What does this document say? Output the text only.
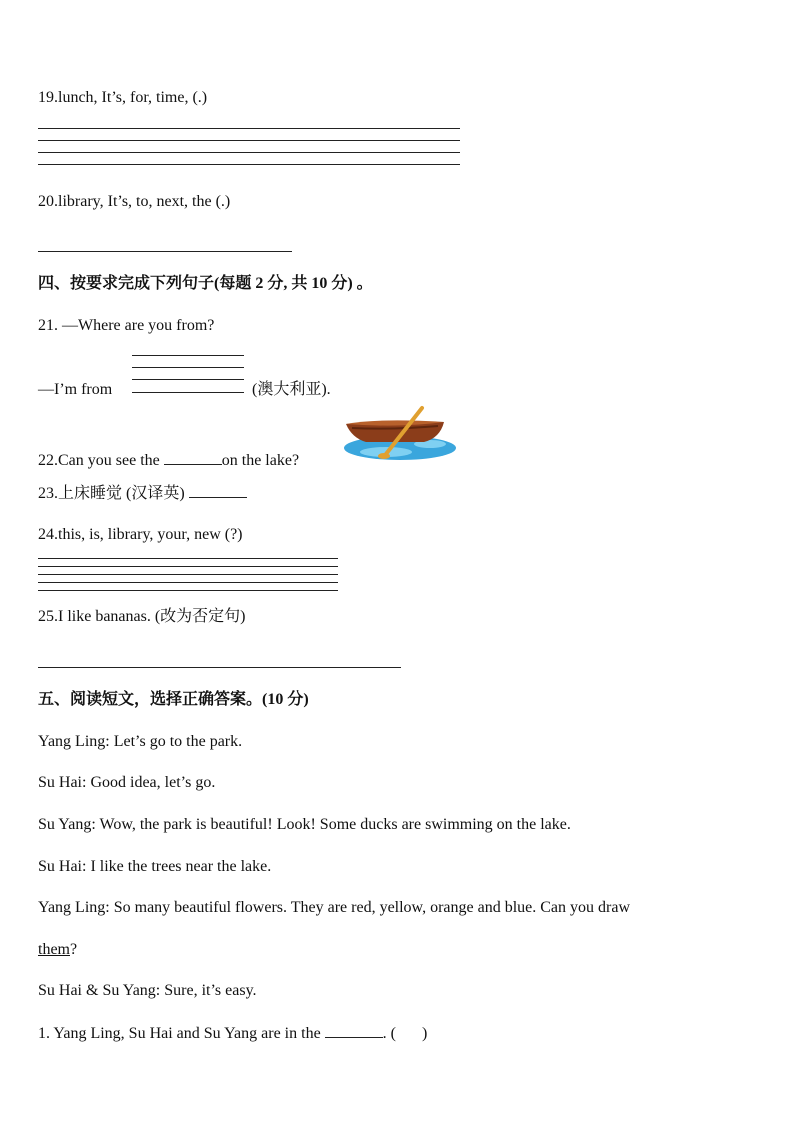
19.lunch, It’s, for, time, (.)
20.library, It’s, to, next, the (.)
四、按要求完成下列句子(每题 2 分, 共 10 分) 。
21. —Where are you from?
—I’m from	(澳大利亚).
22.Can you see the	on the lake?
23.上床睡觉 (汉译英)
24.this, is, library, your, new (?)
25.I like bananas. (改为否定句)
五、阅读短文，选择正确答案。(10 分)
Yang Ling: Let’s go to the park.
Su Hai: Good idea, let’s go.
Su Yang: Wow, the park is beautiful! Look! Some ducks are swimming on the lake.
Su Hai: I like the trees near the lake.
Yang Ling: So many beautiful flowers. They are red, yellow, orange and blue. Can you draw
them?
Su Hai & Su Yang: Sure, it’s easy.
1. Yang Ling, Su Hai and Su Yang are in the	. ( )
